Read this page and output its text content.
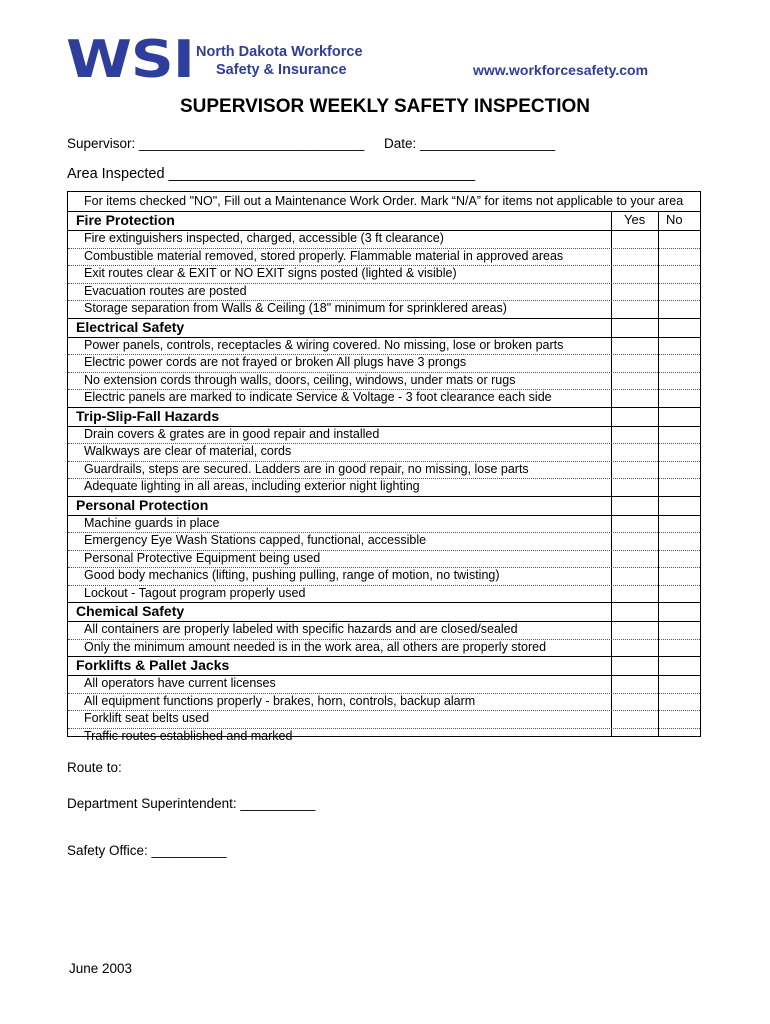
WSI North Dakota Workforce
Safety & Insurance	www.workforcesafety.com
SUPERVISOR WEEKLY SAFETY INSPECTION
Supervisor: ______________________________ Date: __________________
Area Inspected ______________________________________
For items checked "NO", Fill out a Maintenance Work Order. Mark “N/A” for items not applicable to your area
Yes No
Fire Protection
Fire extinguishers inspected, charged, accessible (3 ft clearance)
Combustible material removed, stored properly. Flammable material in approved areas
Exit routes clear & EXIT or NO EXIT signs posted (lighted & visible)
Evacuation routes are posted
Storage separation from Walls & Ceiling (18" minimum for sprinklered areas)
Electrical Safety
Power panels, controls, receptacles & wiring covered. No missing, lose or broken parts
Electric power cords are not frayed or broken All plugs have 3 prongs
No extension cords through walls, doors, ceiling, windows, under mats or rugs
Electric panels are marked to indicate Service & Voltage - 3 foot clearance each side
Trip-Slip-Fall Hazards
Drain covers & grates are in good repair and installed
Walkways are clear of material, cords
Guardrails, steps are secured. Ladders are in good repair, no missing, lose parts
Adequate lighting in all areas, including exterior night lighting
Personal Protection
Machine guards in place
Emergency Eye Wash Stations capped, functional, accessible
Personal Protective Equipment being used
Good body mechanics (lifting, pushing pulling, range of motion, no twisting)
Lockout - Tagout program properly used
Chemical Safety
All containers are properly labeled with specific hazards and are closed/sealed
Only the minimum amount needed is in the work area, all others are properly stored
Forklifts & Pallet Jacks
All operators have current licenses
All equipment functions properly - brakes, horn, controls, backup alarm
Forklift seat belts used
Traffic routes established and marked
Route to:
Department Superintendent: __________
Safety Office: __________
June 2003
